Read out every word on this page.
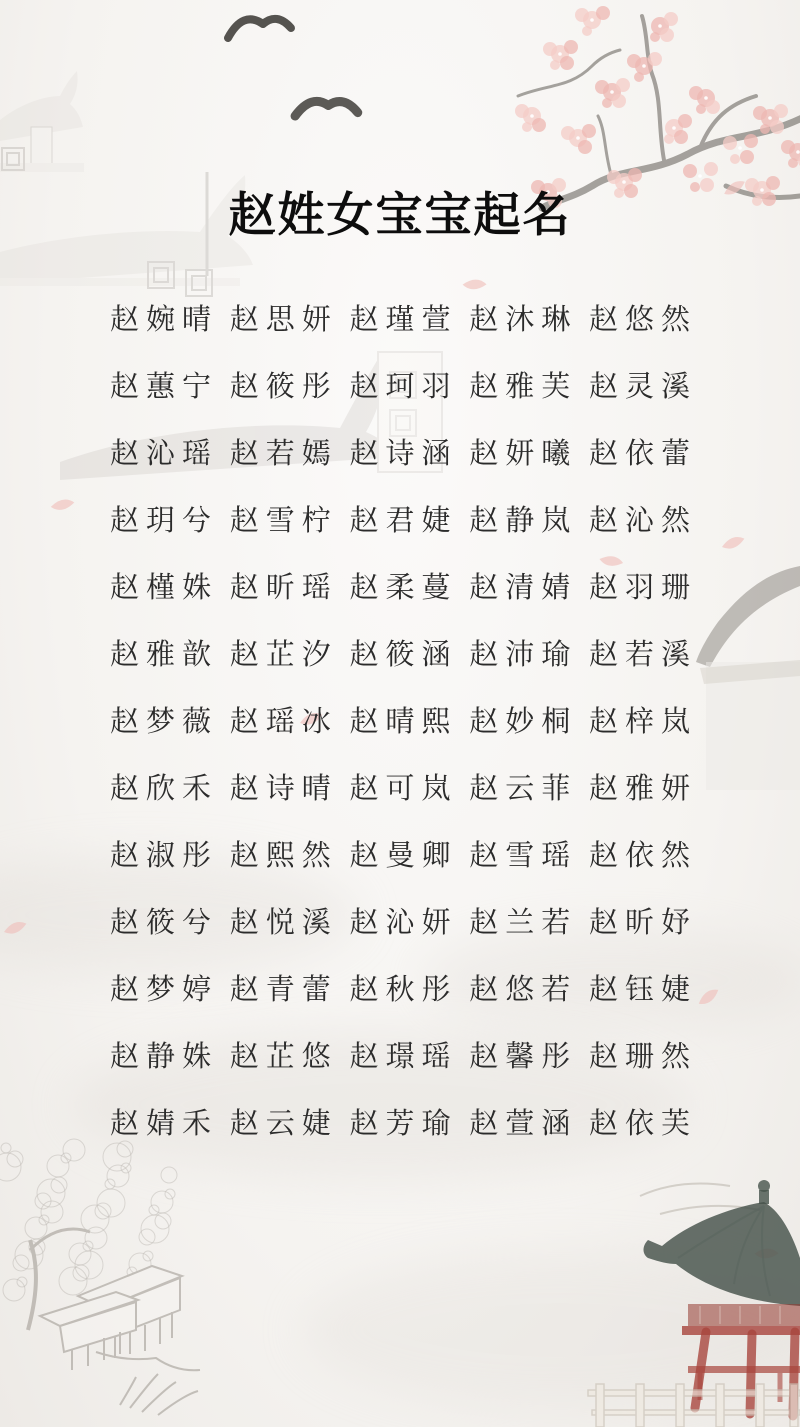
赵姓女宝宝起名
赵婉晴 赵思妍 赵瑾萱 赵沐琳 赵悠然
赵蕙宁 赵筱彤 赵珂羽 赵雅芙 赵灵溪
赵沁瑶 赵若嫣 赵诗涵 赵妍曦 赵依蕾
赵玥兮 赵雪柠 赵君婕 赵静岚 赵沁然
赵槿姝 赵昕瑶 赵柔蔓 赵清婧 赵羽珊
赵雅歆 赵芷汐 赵筱涵 赵沛瑜 赵若溪
赵梦薇 赵瑶冰 赵晴熙 赵妙桐 赵梓岚
赵欣禾 赵诗晴 赵可岚 赵云菲 赵雅妍
赵淑彤 赵熙然 赵曼卿 赵雪瑶 赵依然
赵筱兮 赵悦溪 赵沁妍 赵兰若 赵昕妤
赵梦婷 赵青蕾 赵秋彤 赵悠若 赵钰婕
赵静姝 赵芷悠 赵璟瑶 赵馨彤 赵珊然
赵婧禾 赵云婕 赵芳瑜 赵萱涵 赵依芙
